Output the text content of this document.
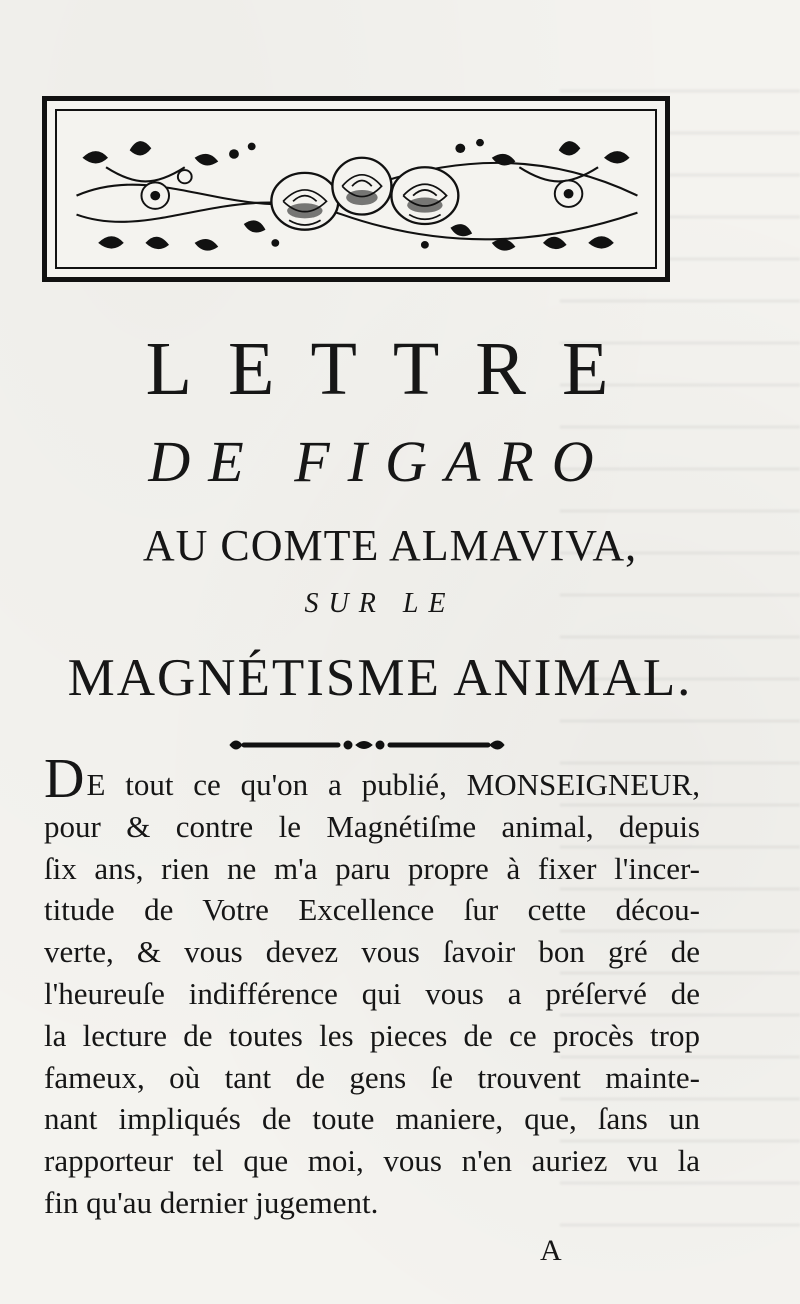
LETTRE
DE FIGARO
AU COMTE ALMAVIVA,
SUR LE
MAGNÉTISME ANIMAL.
DE tout ce qu'on a publié, MONSEIGNEUR,
pour & contre le Magnétiſme animal, depuis
ſix ans, rien ne m'a paru propre à fixer l'incer-
titude de Votre Excellence ſur cette décou-
verte, & vous devez vous ſavoir bon gré de
l'heureuſe indifférence qui vous a préſervé de
la lecture de toutes les pieces de ce procès trop
fameux, où tant de gens ſe trouvent mainte-
nant impliqués de toute maniere, que, ſans un
rapporteur tel que moi, vous n'en auriez vu la
fin qu'au dernier jugement.
A
